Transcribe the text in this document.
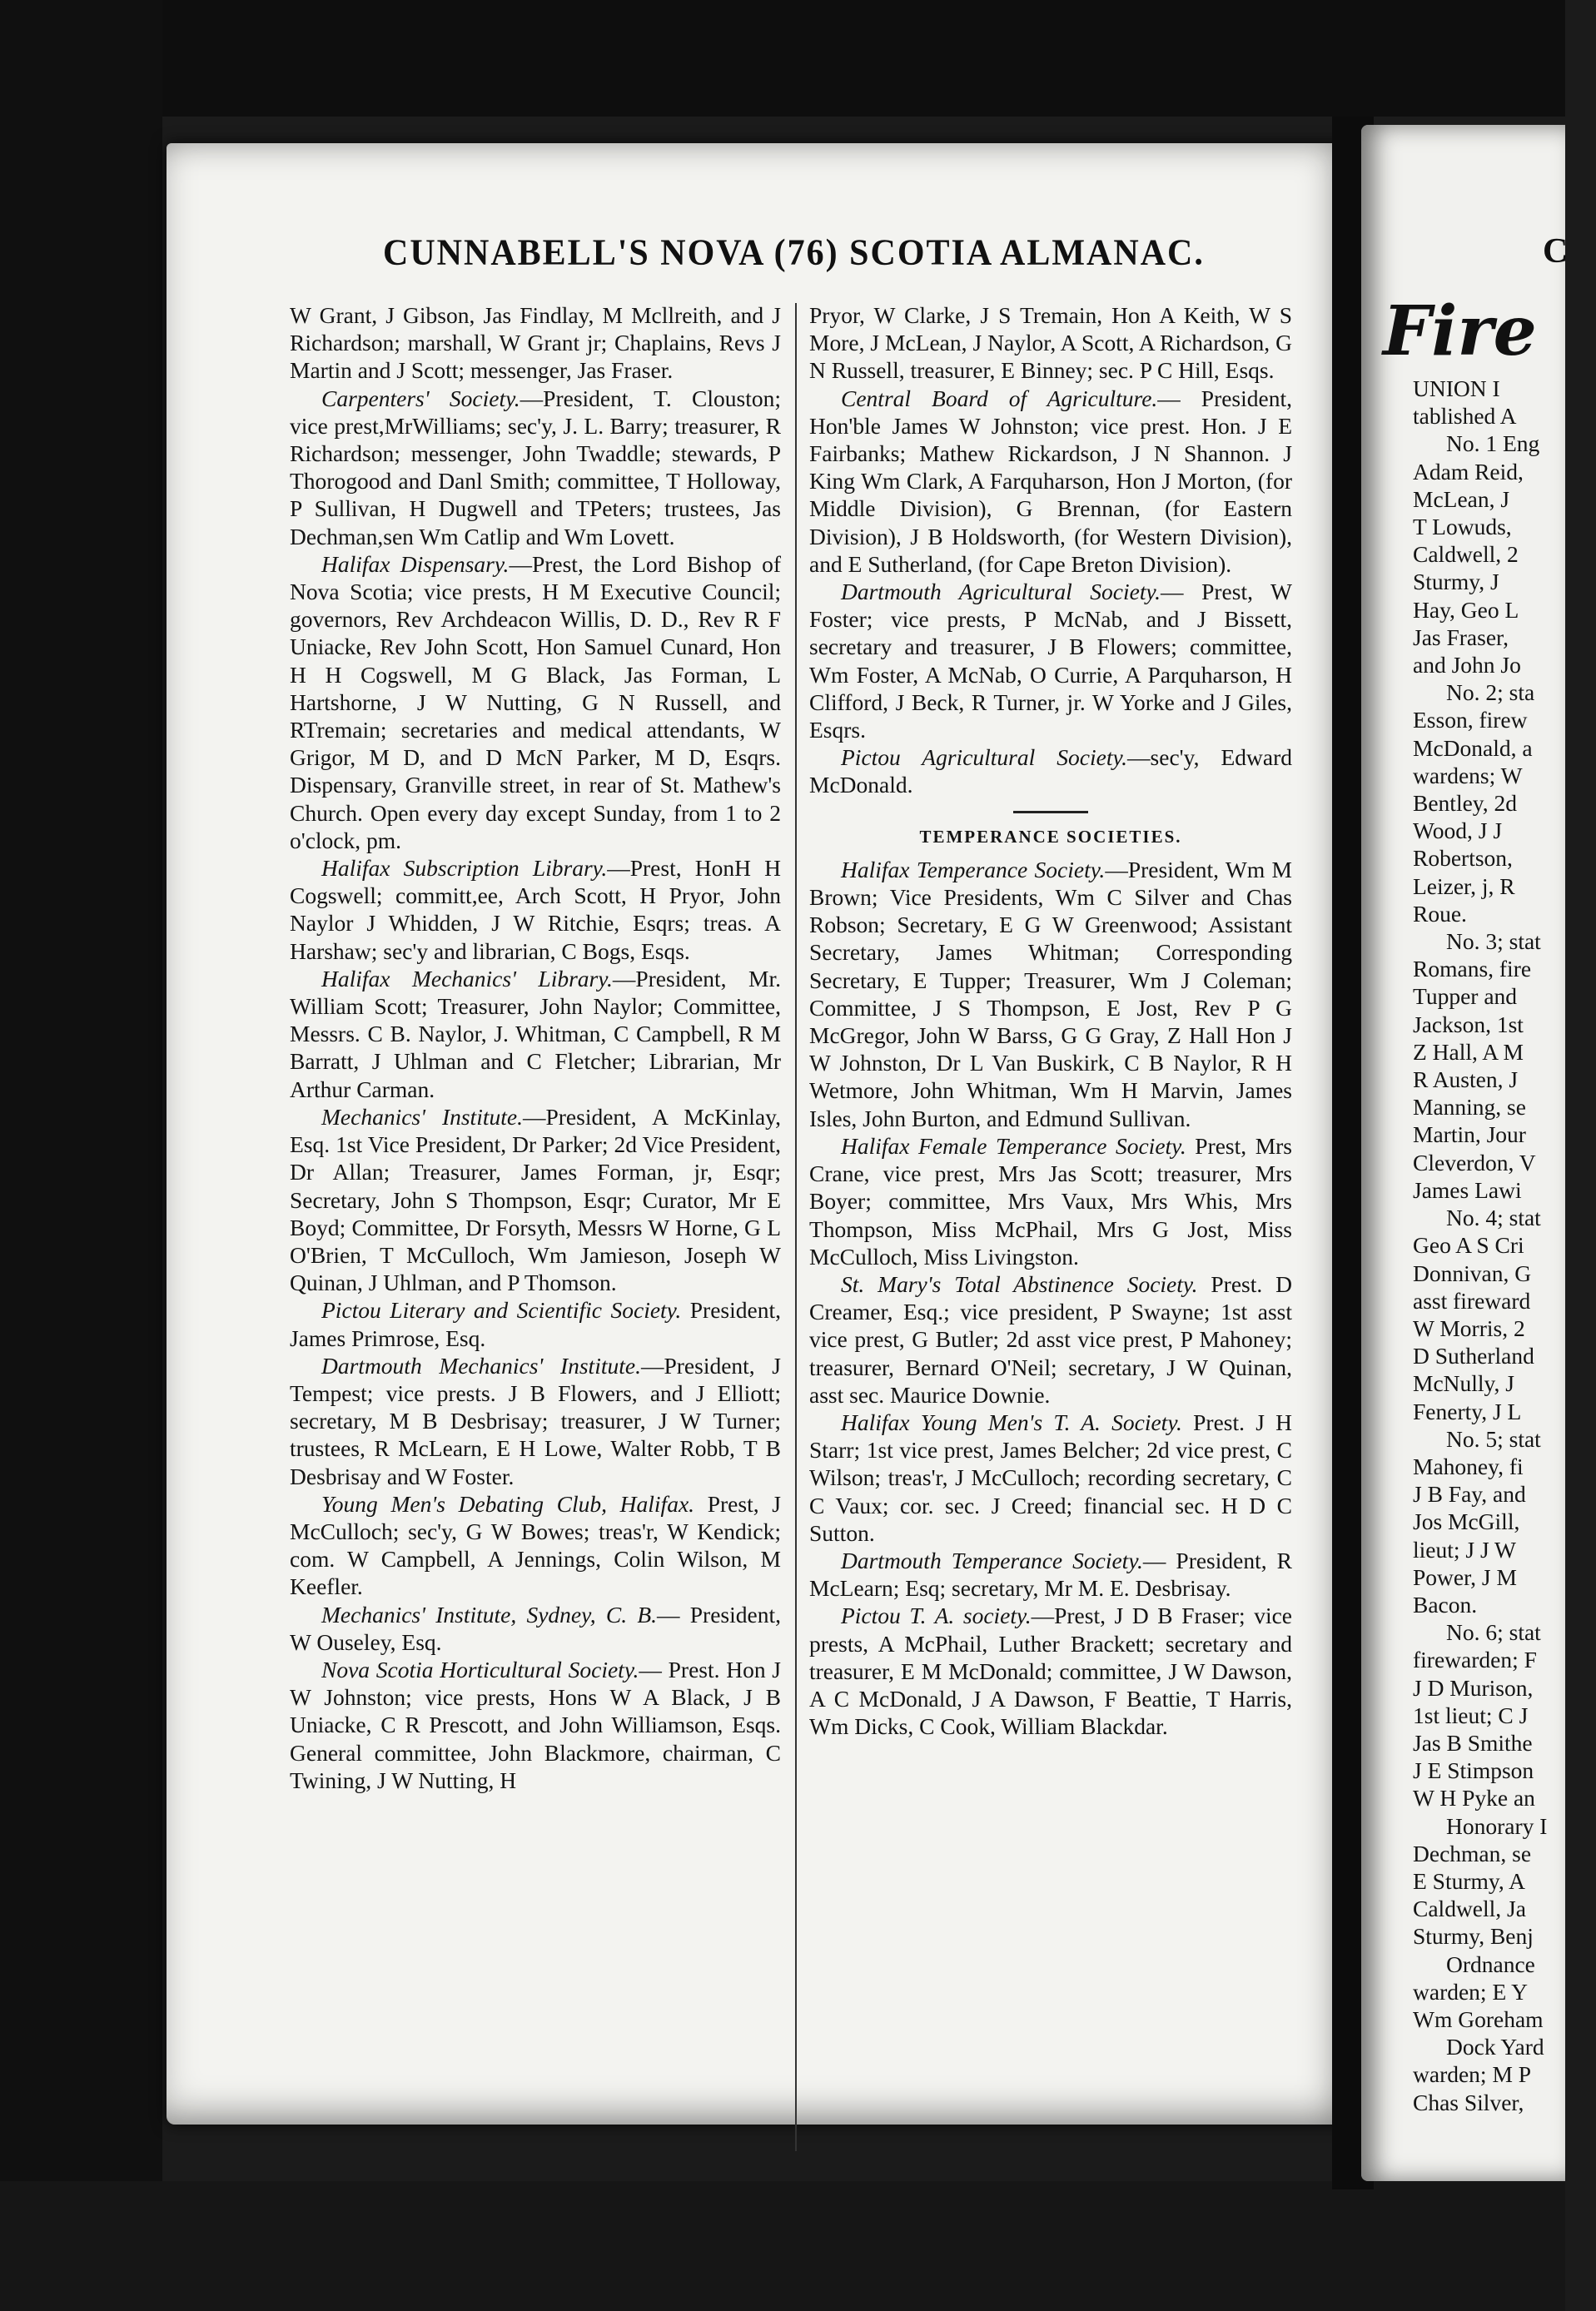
CUNNABELL'S NOVA (76) SCOTIA ALMANAC.

W Grant, J Gibson, Jas Findlay, M Mcllreith, and J Richardson; marshall, W Grant jr; Chaplains, Revs J Martin and J Scott; messenger, Jas Fraser.

Carpenters' Society.—President, T. Clouston; vice prest,MrWilliams; sec'y, J. L. Barry; treasurer, R Richardson; messenger, John Twaddle; stewards, P Thorogood and Danl Smith; committee, T Holloway, P Sullivan, H Dugwell and TPeters; trustees, Jas Dechman,sen Wm Catlip and Wm Lovett.

Halifax Dispensary.—Prest, the Lord Bishop of Nova Scotia; vice prests, H M Executive Council; governors, Rev Archdeacon Willis, D. D., Rev R F Uniacke, Rev John Scott, Hon Samuel Cunard, Hon H H Cogswell, M G Black, Jas Forman, L Hartshorne, J W Nutting, G N Russell, and RTremain; secretaries and medical attendants, W Grigor, M D, and D McN Parker, M D, Esqrs. Dispensary, Granville street, in rear of St. Mathew's Church. Open every day except Sunday, from 1 to 2 o'clock, pm.

Halifax Subscription Library.—Prest, HonH H Cogswell; committ,ee, Arch Scott, H Pryor, John Naylor J Whidden, J W Ritchie, Esqrs; treas. A Harshaw; sec'y and librarian, C Bogs, Esqs.

Halifax Mechanics' Library.—President, Mr. William Scott; Treasurer, John Naylor; Committee, Messrs. C B. Naylor, J. Whitman, C Campbell, R M Barratt, J Uhlman and C Fletcher; Librarian, Mr Arthur Carman.

Mechanics' Institute.—President, A McKinlay, Esq. 1st Vice President, Dr Parker; 2d Vice President, Dr Allan; Treasurer, James Forman, jr, Esqr; Secretary, John S Thompson, Esqr; Curator, Mr E Boyd; Committee, Dr Forsyth, Messrs W Horne, G L O'Brien, T McCulloch, Wm Jamieson, Joseph W Quinan, J Uhlman, and P Thomson.

Pictou Literary and Scientific Society. President, James Primrose, Esq.

Dartmouth Mechanics' Institute.—President, J Tempest; vice prests. J B Flowers, and J Elliott; secretary, M B Desbrisay; treasurer, J W Turner; trustees, R McLearn, E H Lowe, Walter Robb, T B Desbrisay and W Foster.

Young Men's Debating Club, Halifax. Prest, J McCulloch; sec'y, G W Bowes; treas'r, W Kendick; com. W Campbell, A Jennings, Colin Wilson, M Keefler.

Mechanics' Institute, Sydney, C. B.— President, W Ouseley, Esq.

Nova Scotia Horticultural Society.— Prest. Hon J W Johnston; vice prests, Hons W A Black, J B Uniacke, C R Prescott, and John Williamson, Esqs. General committee, John Blackmore, chairman, C Twining, J W Nutting, H

Pryor, W Clarke, J S Tremain, Hon A Keith, W S More, J McLean, J Naylor, A Scott, A Richardson, G N Russell, treasurer, E Binney; sec. P C Hill, Esqs.

Central Board of Agriculture.— President, Hon'ble James W Johnston; vice prest. Hon. J E Fairbanks; Mathew Rickardson, J N Shannon. J King Wm Clark, A Farquharson, Hon J Morton, (for Middle Division), G Brennan, (for Eastern Division), J B Holdsworth, (for Western Division), and E Sutherland, (for Cape Breton Division).

Dartmouth Agricultural Society.— Prest, W Foster; vice prests, P McNab, and J Bissett, secretary and treasurer, J B Flowers; committee, Wm Foster, A McNab, O Currie, A Parquharson, H Clifford, J Beck, R Turner, jr. W Yorke and J Giles, Esqrs.

Pictou Agricultural Society.—sec'y, Edward McDonald.

TEMPERANCE SOCIETIES.

Halifax Temperance Society.—President, Wm M Brown; Vice Presidents, Wm C Silver and Chas Robson; Secretary, E G W Greenwood; Assistant Secretary, James Whitman; Corresponding Secretary, E Tupper; Treasurer, Wm J Coleman; Committee, J S Thompson, E Jost, Rev P G McGregor, John W Barss, G G Gray, Z Hall Hon J W Johnston, Dr L Van Buskirk, C B Naylor, R H Wetmore, John Whitman, Wm H Marvin, James Isles, John Burton, and Edmund Sullivan.

Halifax Female Temperance Society. Prest, Mrs Crane, vice prest, Mrs Jas Scott; treasurer, Mrs Boyer; committee, Mrs Vaux, Mrs Whis, Mrs Thompson, Miss McPhail, Mrs G Jost, Miss McCulloch, Miss Livingston.

St. Mary's Total Abstinence Society. Prest. D Creamer, Esq.; vice president, P Swayne; 1st asst vice prest, G Butler; 2d asst vice prest, P Mahoney; treasurer, Bernard O'Neil; secretary, J W Quinan, asst sec. Maurice Downie.

Halifax Young Men's T. A. Society. Prest. J H Starr; 1st vice prest, James Belcher; 2d vice prest, C Wilson; treas'r, J McCulloch; recording secretary, C C Vaux; cor. sec. J Creed; financial sec. H D C Sutton.

Dartmouth Temperance Society.— President, R McLearn; Esq; secretary, Mr M. E. Desbrisay.

Pictou T. A. society.—Prest, J D B Fraser; vice prests, A McPhail, Luther Brackett; secretary and treasurer, E M McDonald; committee, J W Dawson, A C McDonald, J A Dawson, F Beattie, T Harris, Wm Dicks, C Cook, William Blackdar.

C
Fire
UNION I
tablished A
No. 1 Eng
Adam Reid,
McLean, J
T Lowuds,
Caldwell, 2
Sturmy, J
Hay, Geo L
Jas Fraser,
and John Jo
No. 2; sta
Esson, firew
McDonald, a
wardens; W
Bentley, 2d
Wood, J J
Robertson,
Leizer, j, R
Roue.
No. 3; stat
Romans, fire
Tupper and
Jackson, 1st
Z Hall, A M
R Austen, J
Manning, se
Martin, Jour
Cleverdon, V
James Lawi
No. 4; stat
Geo A S Cri
Donnivan, G
asst fireward
W Morris, 2
D Sutherland
McNully, J
Fenerty, J L
No. 5; stat
Mahoney, fi
J B Fay, and
Jos McGill,
lieut; J J W
Power, J M
Bacon.
No. 6; stat
firewarden; F
J D Murison,
1st lieut; C J
Jas B Smithe
J E Stimpson
W H Pyke an
Honorary I
Dechman, se
E Sturmy, A
Caldwell, Ja
Sturmy, Benj
Ordnance
warden; E Y
Wm Goreham
Dock Yard
warden; M P
Chas Silver,
